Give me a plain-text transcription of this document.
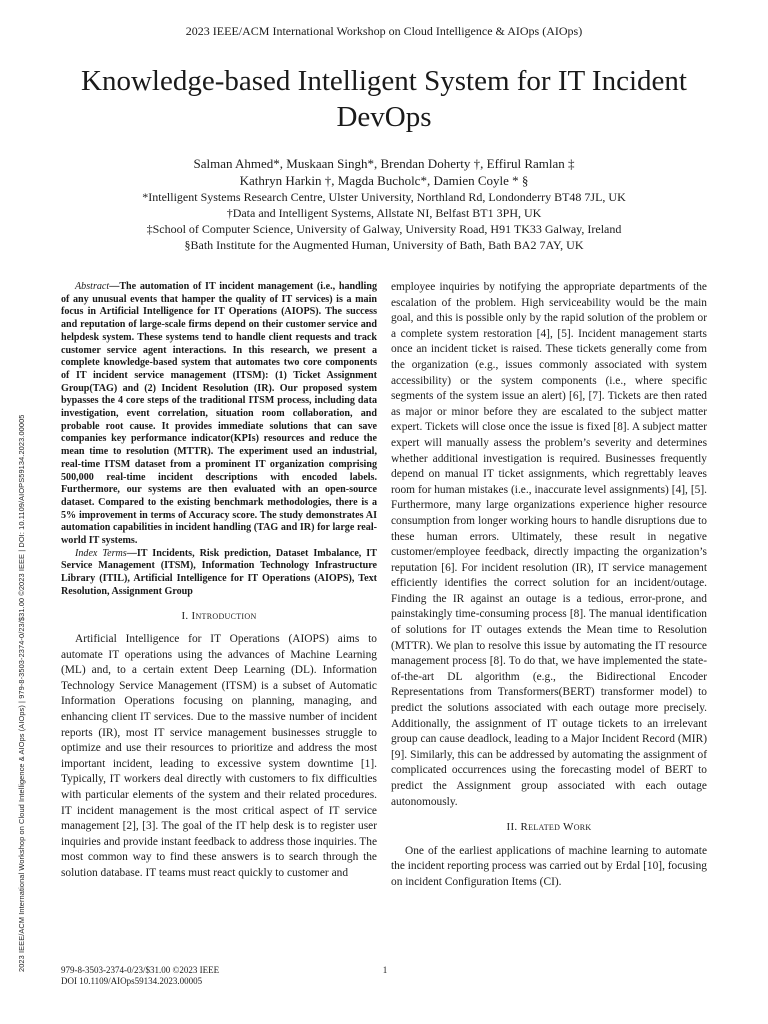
2023 IEEE/ACM International Workshop on Cloud Intelligence & AIOps (AIOps)
Knowledge-based Intelligent System for IT Incident DevOps
Salman Ahmed*, Muskaan Singh*, Brendan Doherty †, Effirul Ramlan ‡
Kathryn Harkin †, Magda Bucholc*, Damien Coyle * §
*Intelligent Systems Research Centre, Ulster University, Northland Rd, Londonderry BT48 7JL, UK
†Data and Intelligent Systems, Allstate NI, Belfast BT1 3PH, UK
‡School of Computer Science, University of Galway, University Road, H91 TK33 Galway, Ireland
§Bath Institute for the Augmented Human, University of Bath, Bath BA2 7AY, UK
2023 IEEE/ACM International Workshop on Cloud Intelligence & AIOps (AIOps) | 979-8-3503-2374-0/23/$31.00 ©2023 IEEE | DOI: 10.1109/AIOPS59134.2023.00005

Abstract—The automation of IT incident management (i.e., handling of any unusual events that hamper the quality of IT services) is a main focus in Artificial Intelligence for IT Operations (AIOPS). The success and reputation of large-scale firms depend on their customer service and helpdesk system. These systems tend to handle client requests and track customer service agent interactions. In this research, we present a complete knowledge-based system that automates two core components of IT incident service management (ITSM): (1) Ticket Assignment Group(TAG) and (2) Incident Resolution (IR). Our proposed system bypasses the 4 core steps of the traditional ITSM process, including data investigation, event correlation, situation room collaboration, and probable root cause. It provides immediate solutions that can save companies key performance indicator(KPIs) resources and reduce the mean time to resolution (MTTR). The experiment used an industrial, real-time ITSM dataset from a prominent IT organization comprising 500,000 real-time incident descriptions with encoded labels. Furthermore, our systems are then evaluated with an open-source dataset. Compared to the existing benchmark methodologies, there is a 5% improvement in terms of Accuracy score. The study demonstrates AI automation capabilities in incident handling (TAG and IR) for large real-world IT systems.

Index Terms—IT Incidents, Risk prediction, Dataset Imbalance, IT Service Management (ITSM), Information Technology Infrastructure Library (ITIL), Artificial Intelligence for IT Operations (AIOPS), Text Resolution, Assignment Group

I. Introduction

Artificial Intelligence for IT Operations (AIOPS) aims to automate IT operations using the advances of Machine Learning (ML) and, to a certain extent Deep Learning (DL). Information Technology Service Management (ITSM) is a subset of Automatic Information Operations focusing on planning, managing, and enhancing client IT services. Due to the massive number of incident reports (IR), most IT service management businesses struggle to optimize and use their resources to prioritize and address the most important incident, leading to excessive system downtime [1]. Typically, IT workers deal directly with customers to fix difficulties with particular elements of the system and their related procedures. IT incident management is the most critical aspect of IT service management [2], [3]. The goal of the IT help desk is to register user inquiries and provide instant feedback to address those inquiries. The most common way to find these answers is to search through the solution database. IT teams must react quickly to customer and

employee inquiries by notifying the appropriate departments of the escalation of the problem. High serviceability would be the main goal, and this is possible only by the rapid solution of the problem or a complete system restoration [4], [5]. Incident management starts once an incident ticket is raised. These tickets generally come from the organization (e.g., issues commonly associated with system accessibility) or the system components (i.e., where specific segments of the system issue an alert) [6], [7]. Tickets are then rated as major or minor before they are escalated to the subject matter expert. Tickets will close once the issue is fixed [8]. A subject matter expert will manually assess the problem’s severity and determines whether additional investigation is required. Businesses frequently depend on manual IT ticket assignments, which regrettably leaves room for human mistakes (i.e., inaccurate level assignments) [4], [5]. Furthermore, many large organizations experience higher resource consumption from longer working hours to handle disruptions due to these human errors. Ultimately, these result in negative customer/employee feedback, directly impacting the organization’s reputation [6]. For incident resolution (IR), IT service management efficiently identifies the correct solution for an incident/outage. Finding the IR against an outage is a tedious, error-prone, and painstakingly time-consuming process [8]. The manual identification of solutions for IT outages extends the Mean time to Resolution (MTTR). We plan to resolve this issue by automating the IT resource management process [8]. To do that, we have implemented the state-of-the-art DL algorithm (e.g., the Bidirectional Encoder Representations from Transformers(BERT) transformer model) to predict the solutions associated with each outage more precisely. Additionally, the assignment of IT outage tickets to an irrelevant group can cause deadlock, leading to a Major Incident Record (MIR) [9]. Similarly, this can be addressed by automating the assignment of complicated occurrences using the forecasting model of BERT to predict the Assignment group associated with each outage autonomously.

II. Related Work

One of the earliest applications of machine learning to automate the incident reporting process was carried out by Erdal [10], focusing on incident Configuration Items (CI).

979-8-3503-2374-0/23/$31.00 ©2023 IEEE
DOI 10.1109/AIOps59134.2023.00005
1
